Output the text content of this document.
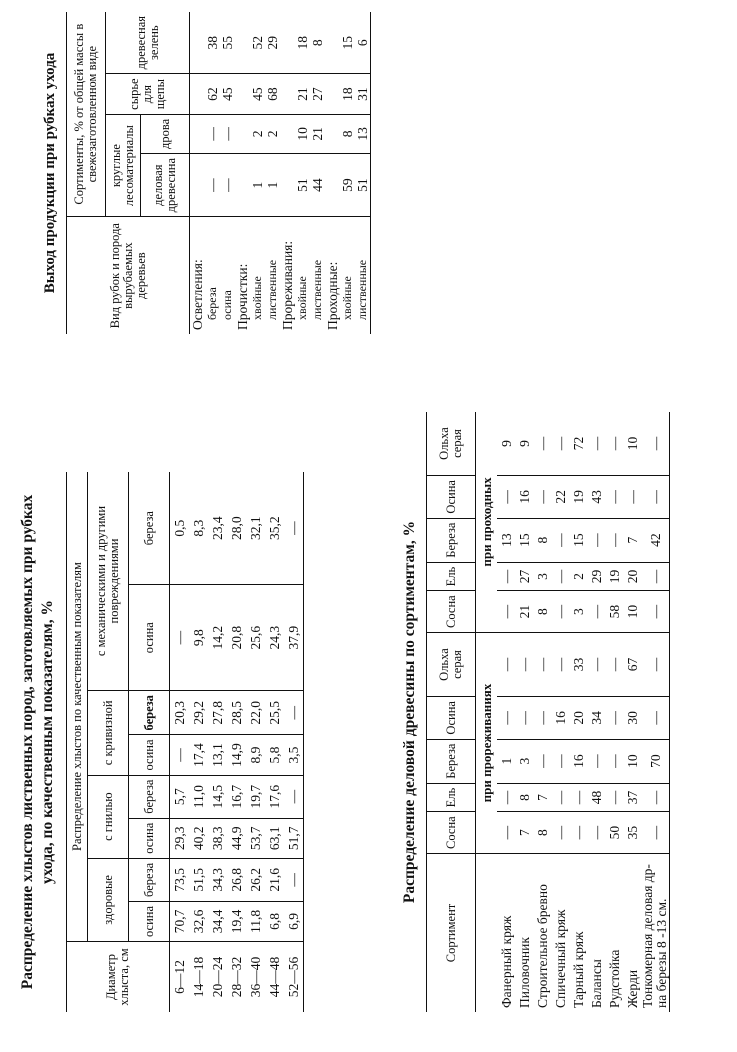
Распределение хлыстов лиственных пород, заготовляемых при рубках ухода, по качественным показателям, %
Диаметр хлыста, см	Распределение хлыстов по качественным показателям							
	здоровые		с гнилью		с кривизной		с механическими и другими повреждениями	
	осина	береза	осина	береза	осина	береза	осина	береза
6—12	70,7	73,5	29,3	5,7	—	20,3	—	0,5
14—18	32,6	51,5	40,2	11,0	17,4	29,2	9,8	8,3
20—24	34,4	34,3	38,3	14,5	13,1	27,8	14,2	23,4
28—32	19,4	26,8	44,9	16,7	14,9	28,5	20,8	28,0
36—40	11,8	26,2	53,7	19,7	8,9	22,0	25,6	32,1
44—48	6,8	21,6	63,1	17,6	5,8	25,5	24,3	35,2
52—56	6,9	—	51,7	—	3,5	—	37,9	—	Распределение деловой древесины по сортиментам, %
Сортимент	Сосна	Ель	Береза	Осина	Ольха серая	Сосна	Ель	Береза	Осина	Ольха серая
	при прореживаниях					при проходных				
Фанерный кряж	—	—	1	—	—	—	—	13	—	9
Пиловочник	7	8	3	—	—	21	27	15	16	9
Строительное бревно	8	7	—	—	—	8	3	8	—	—
Спичечный кряж	—	—	—	16	—	—	—	—	22	—
Тарный кряж	—	—	16	20	33	3	2	15	19	72
Балансы	—	48	—	34	—	—	29	—	43	—
Рудстойка	50	—	—	—	—	58	19	—	—	—
Жерди	35	37	10	30	67	10	20	7	—	10
Тонкомерная деловая др-на березы 8 -13 см.	—	—	70	—	—	—	—	42	—	—
Выход продукции при рубках ухода	Вид рубок и порода вырубаемых деревьев	Сортименты, % от общей массы в свежезаготовленном виде			
	круглые лесоматериалы		сырье для щепы	древесная зелень
	деловая древесина	дрова		
Осветления:				
береза	—	—	62	38
осина	—	—	45	55
Прочистки:				
хвойные	1	2	45	52
лиственные	1	2	68	29
Прореживания:				
хвойные	51	10	21	18
лиственные	44	21	27	8
Проходные:				
хвойные	59	8	18	15
лиственные	51	13	31	6
